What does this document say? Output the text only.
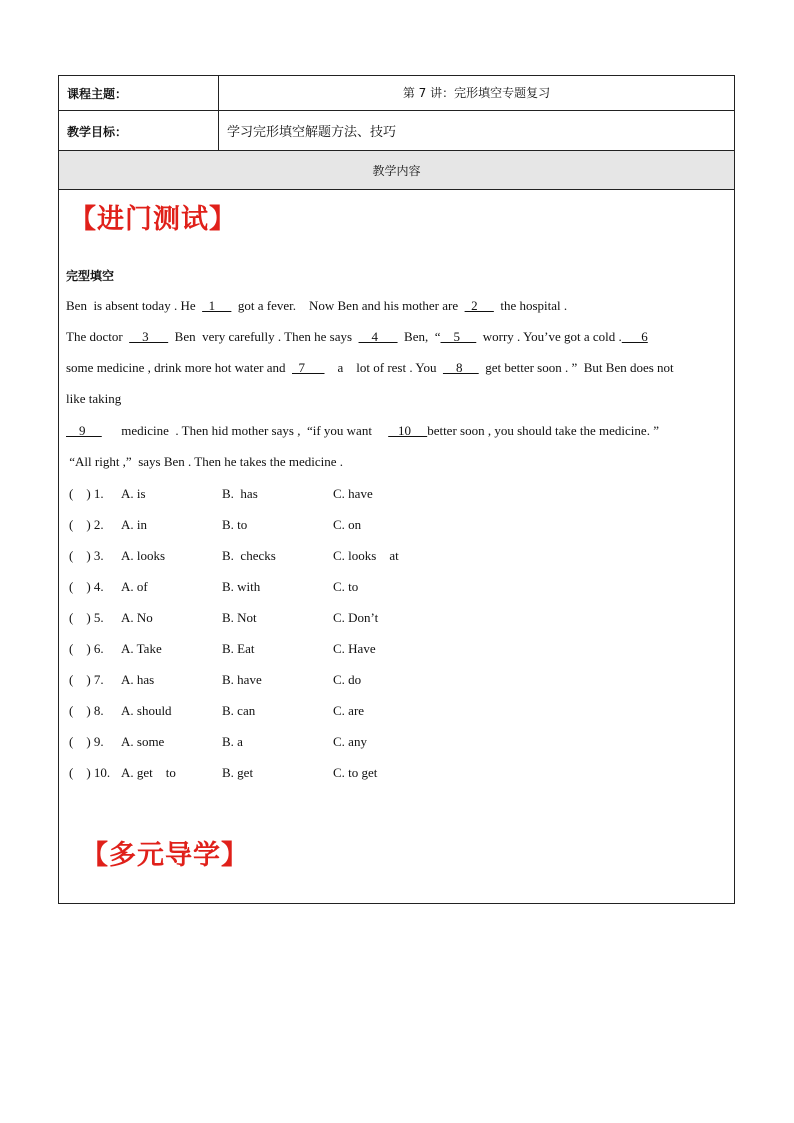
课程主题：	第 7 讲：完形填空专题复习
教学目标：	学习完形填空解题方法、技巧
教学内容
【进门测试】
完型填空
Ben  is absent today . He    1       got a fever.    Now Ben and his mother are    2       the hospital .
The doctor      3        Ben  very carefully . Then he says      4        Ben,  “    5       worry . You’ve got a cold .      6
some medicine , drink more hot water and    7          a    lot of rest . You      8       get better soon . ”  But Ben does not
like taking
9           medicine  . Then hid mother says ,  “if you want        10     better soon , you should take the medicine. ”
“All right ,”  says Ben . Then he takes the medicine .
(    ) 1. A. is	B.  has	C. have
(    ) 2. A. in	B. to	C. on
(    ) 3. A. looks	B.  checks	C. looks    at
(    ) 4. A. of	B. with	C. to
(    ) 5. A. No	B. Not	C. Don’t
(    ) 6. A. Take	B. Eat	C. Have
(    ) 7. A. has	B. have	C. do
(    ) 8. A. should	B. can	C. are
(    ) 9. A. some	B. a	C. any
(    ) 10. A. get    to	B. get	C. to get
【多元导学】
